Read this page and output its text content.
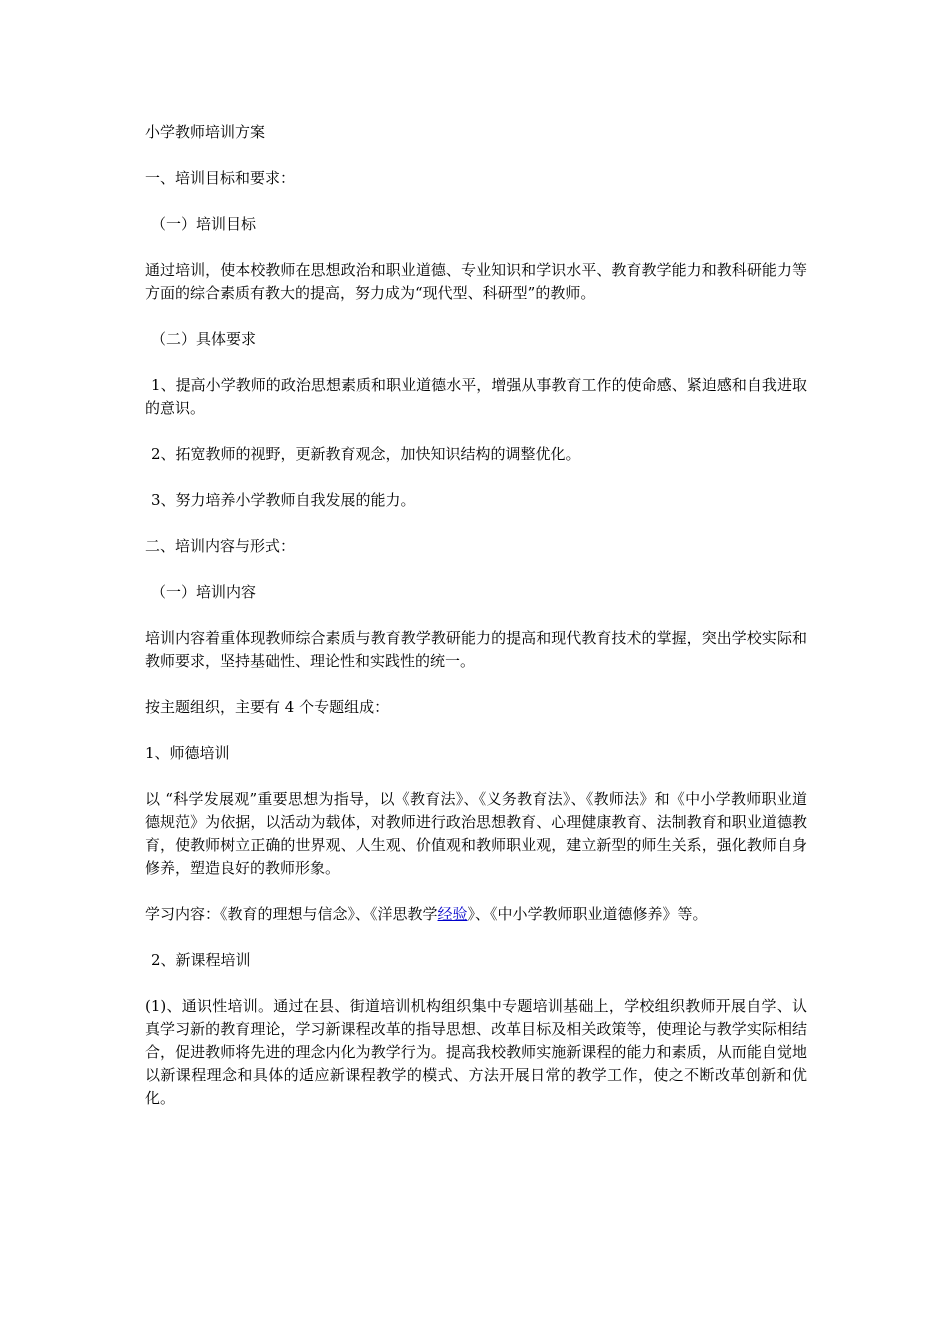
小学教师培训方案

一、培训目标和要求：

（一）培训目标

通过培训，使本校教师在思想政治和职业道德、专业知识和学识水平、教育教学能力和教科研能力等方面的综合素质有教大的提高，努力成为“现代型、科研型”的教师。

（二）具体要求

1、提高小学教师的政治思想素质和职业道德水平，增强从事教育工作的使命感、紧迫感和自我进取的意识。

2、拓宽教师的视野，更新教育观念，加快知识结构的调整优化。

3、努力培养小学教师自我发展的能力。

二、培训内容与形式：

（一）培训内容

培训内容着重体现教师综合素质与教育教学教研能力的提高和现代教育技术的掌握，突出学校实际和教师要求，坚持基础性、理论性和实践性的统一。

按主题组织，主要有 4 个专题组成：

1、师德培训

以 “科学发展观”重要思想为指导，以《教育法》、《义务教育法》、《教师法》和《中小学教师职业道德规范》为依据，以活动为载体，对教师进行政治思想教育、心理健康教育、法制教育和职业道德教育，使教师树立正确的世界观、人生观、价值观和教师职业观，建立新型的师生关系，强化教师自身修养，塑造良好的教师形象。

学习内容：《教育的理想与信念》、《洋思教学经验》、《中小学教师职业道德修养》等。

2、新课程培训

(1)、通识性培训。通过在县、街道培训机构组织集中专题培训基础上，学校组织教师开展自学、认真学习新的教育理论，学习新课程改革的指导思想、改革目标及相关政策等，使理论与教学实际相结合，促进教师将先进的理念内化为教学行为。提高我校教师实施新课程的能力和素质，从而能自觉地以新课程理念和具体的适应新课程教学的模式、方法开展日常的教学工作，使之不断改革创新和优化。
